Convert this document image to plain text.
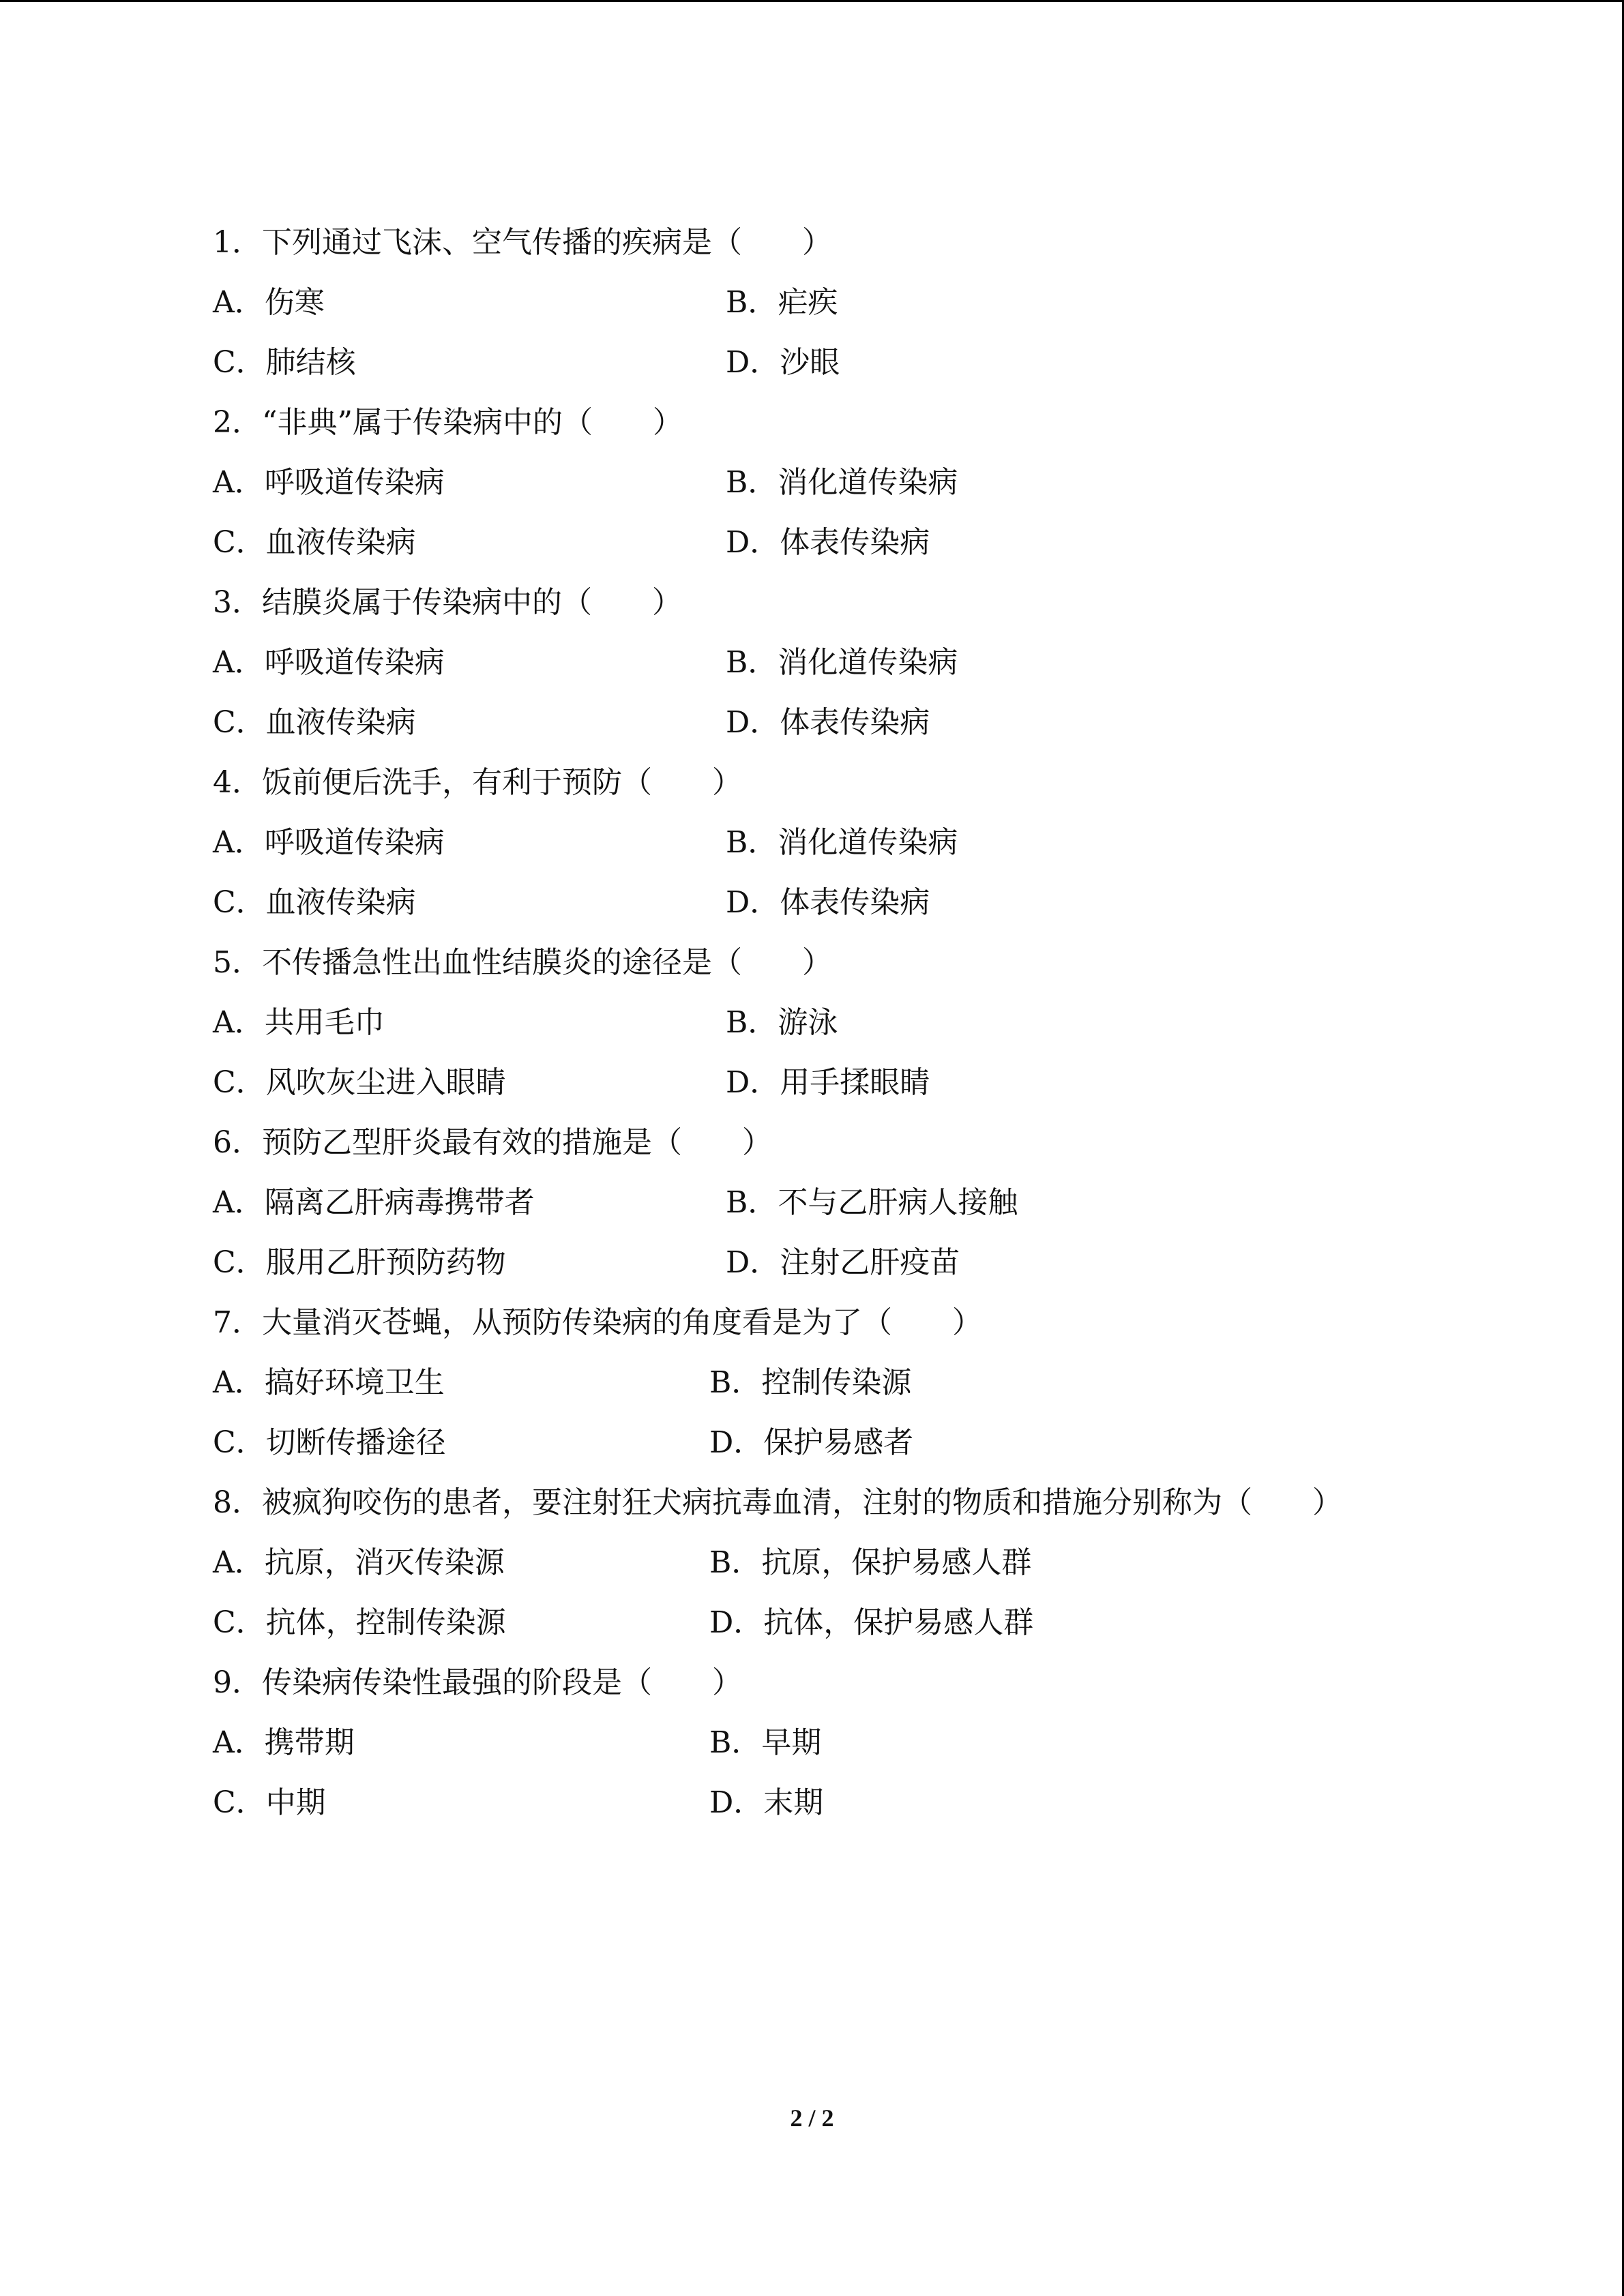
1．下列通过飞沫、空气传播的疾病是（　　）
A．伤寒	B．疟疾
C．肺结核	D．沙眼
2．“非典”属于传染病中的（　　）
A．呼吸道传染病	B．消化道传染病
C．血液传染病	D．体表传染病
3．结膜炎属于传染病中的（　　）
A．呼吸道传染病	B．消化道传染病
C．血液传染病	D．体表传染病
4．饭前便后洗手，有利于预防（　　）
A．呼吸道传染病	B．消化道传染病
C．血液传染病	D．体表传染病
5．不传播急性出血性结膜炎的途径是（　　）
A．共用毛巾	B．游泳
C．风吹灰尘进入眼睛	D．用手揉眼睛
6．预防乙型肝炎最有效的措施是（　　）
A．隔离乙肝病毒携带者	B．不与乙肝病人接触
C．服用乙肝预防药物	D．注射乙肝疫苗
7．大量消灭苍蝇，从预防传染病的角度看是为了（　　）
A．搞好环境卫生	B．控制传染源
C．切断传播途径	D．保护易感者
8．被疯狗咬伤的患者，要注射狂犬病抗毒血清，注射的物质和措施分别称为（　　）
A．抗原，消灭传染源	B．抗原，保护易感人群
C．抗体，控制传染源	D．抗体，保护易感人群
9．传染病传染性最强的阶段是（　　）
A．携带期	B．早期
C．中期	D．末期
2 / 2
